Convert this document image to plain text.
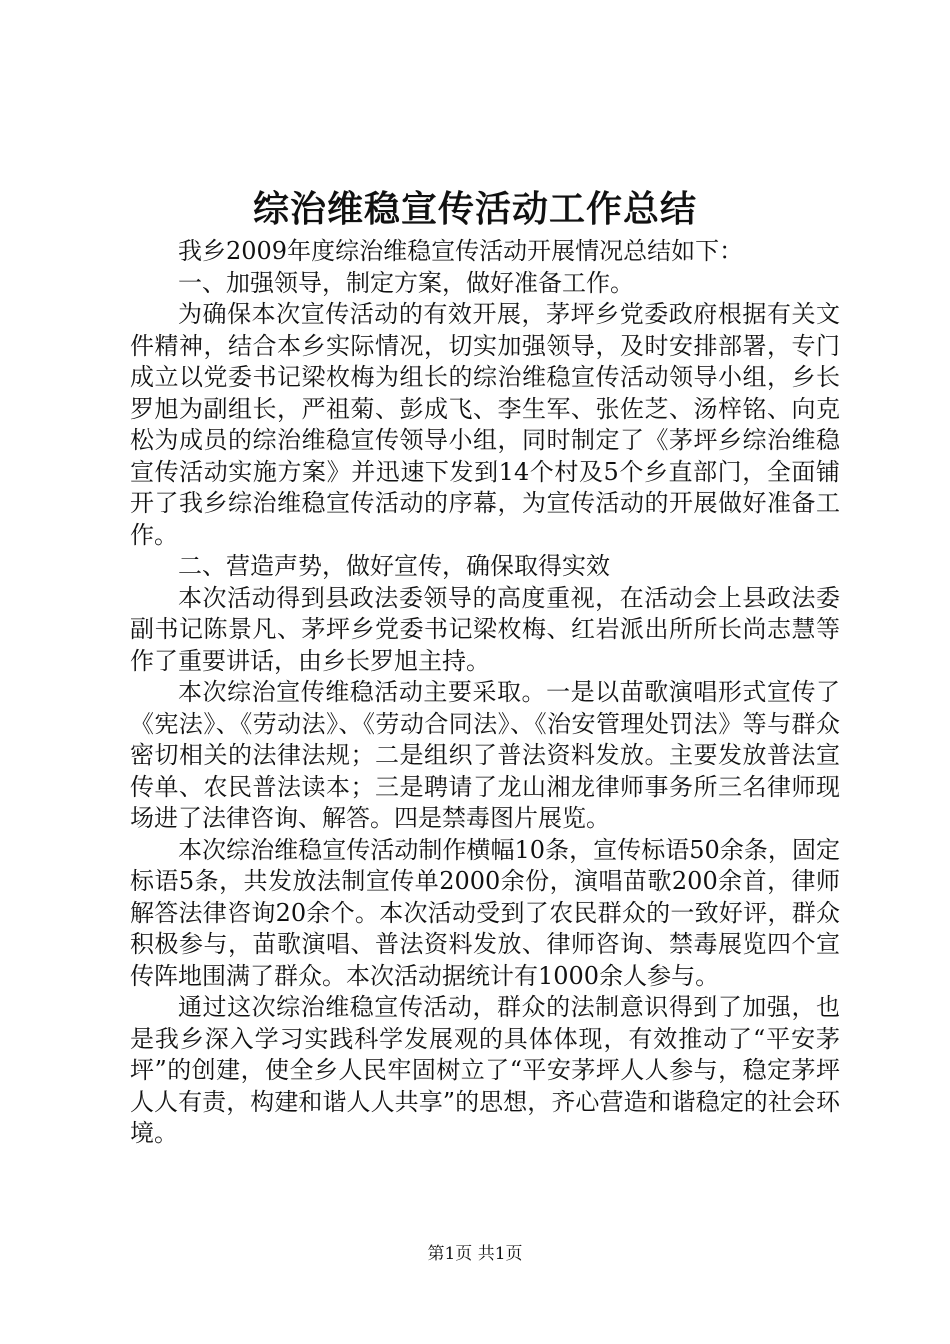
综治维稳宣传活动工作总结

我乡2009年度综治维稳宣传活动开展情况总结如下：

一、加强领导，制定方案，做好准备工作。

为确保本次宣传活动的有效开展，茅坪乡党委政府根据有关文件精神，结合本乡实际情况，切实加强领导，及时安排部署，专门成立以党委书记梁枚梅为组长的综治维稳宣传活动领导小组，乡长罗旭为副组长，严祖菊、彭成飞、李生军、张佐芝、汤梓铭、向克松为成员的综治维稳宣传领导小组，同时制定了《茅坪乡综治维稳宣传活动实施方案》并迅速下发到14个村及5个乡直部门，全面铺开了我乡综治维稳宣传活动的序幕，为宣传活动的开展做好准备工作。

二、营造声势，做好宣传，确保取得实效

本次活动得到县政法委领导的高度重视，在活动会上县政法委副书记陈景凡、茅坪乡党委书记梁枚梅、红岩派出所所长尚志慧等作了重要讲话，由乡长罗旭主持。

本次综治宣传维稳活动主要采取。一是以苗歌演唱形式宣传了《宪法》、《劳动法》、《劳动合同法》、《治安管理处罚法》等与群众密切相关的法律法规；二是组织了普法资料发放。主要发放普法宣传单、农民普法读本；三是聘请了龙山湘龙律师事务所三名律师现场进了法律咨询、解答。四是禁毒图片展览。

本次综治维稳宣传活动制作横幅10条，宣传标语50余条，固定标语5条，共发放法制宣传单2000余份，演唱苗歌200余首，律师解答法律咨询20余个。本次活动受到了农民群众的一致好评，群众积极参与，苗歌演唱、普法资料发放、律师咨询、禁毒展览四个宣传阵地围满了群众。本次活动据统计有1000余人参与。

通过这次综治维稳宣传活动，群众的法制意识得到了加强，也是我乡深入学习实践科学发展观的具体体现，有效推动了“平安茅坪”的创建，使全乡人民牢固树立了“平安茅坪人人参与，稳定茅坪人人有责，构建和谐人人共享”的思想，齐心营造和谐稳定的社会环境。

第1页 共1页
